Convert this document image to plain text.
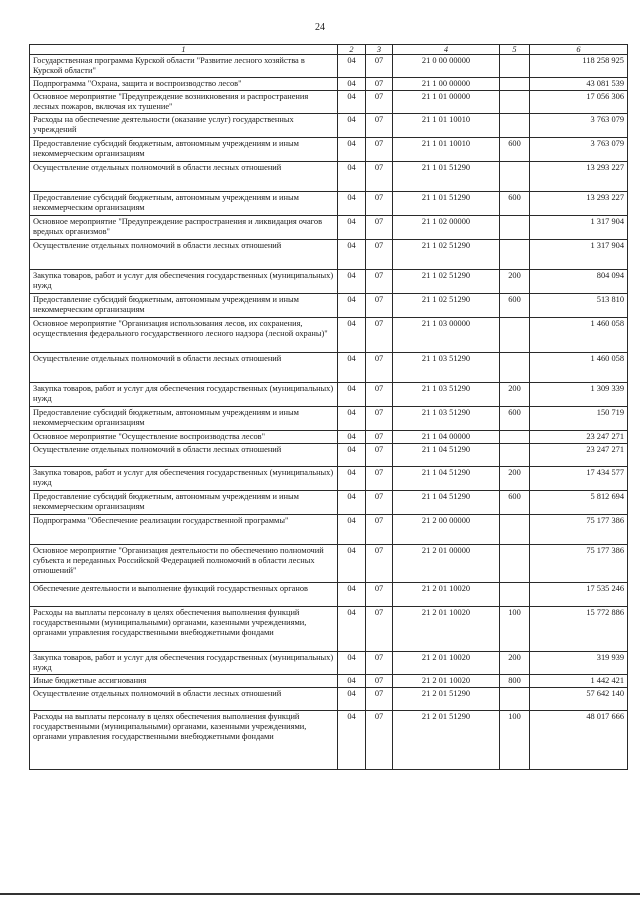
24
1	2	3	4	5	6
Государственная программа Курской области "Развитие лесного хозяйства в Курской области"	04	07	21 0 00 00000		118 258 925
Подпрограмма "Охрана, защита и воспроизводство лесов"	04	07	21 1 00 00000		43 081 539
Основное мероприятие "Предупреждение возникновения и распространения лесных пожаров, включая их тушение"	04	07	21 1 01 00000		17 056 306
Расходы на обеспечение деятельности (оказание услуг) государственных учреждений	04	07	21 1 01 10010		3 763 079
Предоставление субсидий бюджетным, автономным учреждениям и иным некоммерческим организациям	04	07	21 1 01 10010	600	3 763 079
Осуществление отдельных полномочий в области лесных отношений	04	07	21 1 01 51290		13 293 227
Предоставление субсидий бюджетным, автономным учреждениям и иным некоммерческим организациям	04	07	21 1 01 51290	600	13 293 227
Основное мероприятие "Предупреждение распространения и ликвидация очагов вредных организмов"	04	07	21 1 02 00000		1 317 904
Осуществление отдельных полномочий в области лесных отношений	04	07	21 1 02 51290		1 317 904
Закупка товаров, работ и услуг для обеспечения государственных (муниципальных) нужд	04	07	21 1 02 51290	200	804 094
Предоставление субсидий бюджетным, автономным учреждениям и иным некоммерческим организациям	04	07	21 1 02 51290	600	513 810
Основное мероприятие "Организация использования лесов, их сохранения, осуществления федерального государственного лесного надзора (лесной охраны)"	04	07	21 1 03 00000		1 460 058
Осуществление отдельных полномочий в области лесных отношений	04	07	21 1 03 51290		1 460 058
Закупка товаров, работ и услуг для обеспечения государственных (муниципальных) нужд	04	07	21 1 03 51290	200	1 309 339
Предоставление субсидий бюджетным, автономным учреждениям и иным некоммерческим организациям	04	07	21 1 03 51290	600	150 719
Основное мероприятие "Осуществление воспроизводства лесов"	04	07	21 1 04 00000		23 247 271
Осуществление отдельных полномочий в области лесных отношений	04	07	21 1 04 51290		23 247 271
Закупка товаров, работ и услуг для обеспечения государственных (муниципальных) нужд	04	07	21 1 04 51290	200	17 434 577
Предоставление субсидий бюджетным, автономным учреждениям и иным некоммерческим организациям	04	07	21 1 04 51290	600	5 812 694
Подпрограмма "Обеспечение реализации государственной программы"	04	07	21 2 00 00000		75 177 386
Основное мероприятие "Организация деятельности по обеспечению полномочий субъекта и переданных Российской Федерацией полномочий в области лесных отношений"	04	07	21 2 01 00000		75 177 386
Обеспечение деятельности и выполнение функций государственных органов	04	07	21 2 01 10020		17 535 246
Расходы на выплаты персоналу в целях обеспечения выполнения функций государственными (муниципальными) органами, казенными учреждениями, органами управления государственными внебюджетными фондами	04	07	21 2 01 10020	100	15 772 886
Закупка товаров, работ и услуг для обеспечения государственных (муниципальных) нужд	04	07	21 2 01 10020	200	319 939
Иные бюджетные ассигнования	04	07	21 2 01 10020	800	1 442 421
Осуществление отдельных полномочий в области лесных отношений	04	07	21 2 01 51290		57 642 140
Расходы на выплаты персоналу в целях обеспечения выполнения функций государственными (муниципальными) органами, казенными учреждениями, органами управления государственными внебюджетными фондами	04	07	21 2 01 51290	100	48 017 666
